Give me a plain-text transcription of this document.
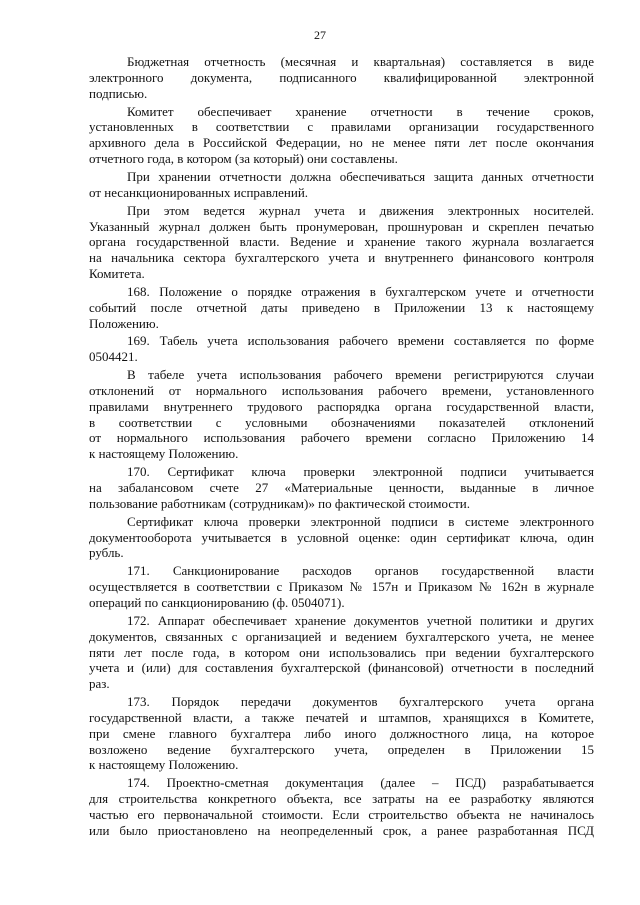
27
Бюджетная отчетность (месячная и квартальная) составляется в виде
электронного документа, подписанного квалифицированной электронной
подписью.
Комитет обеспечивает хранение отчетности в течение сроков,
установленных в соответствии с правилами организации государственного
архивного дела в Российской Федерации, но не менее пяти лет после окончания
отчетного года, в котором (за который) они составлены.
При хранении отчетности должна обеспечиваться защита данных отчетности
от несанкционированных исправлений.
При этом ведется журнал учета и движения электронных носителей.
Указанный журнал должен быть пронумерован, прошнурован и скреплен печатью
органа государственной власти. Ведение и хранение такого журнала возлагается
на начальника сектора бухгалтерского учета и внутреннего финансового контроля
Комитета.
168. Положение о порядке отражения в бухгалтерском учете и отчетности
событий после отчетной даты приведено в Приложении 13 к настоящему
Положению.
169. Табель учета использования рабочего времени составляется по форме
0504421.
В табеле учета использования рабочего времени регистрируются случаи
отклонений от нормального использования рабочего времени, установленного
правилами внутреннего трудового распорядка органа государственной власти,
в соответствии с условными обозначениями показателей отклонений
от нормального использования рабочего времени согласно Приложению 14
к настоящему Положению.
170. Сертификат ключа проверки электронной подписи учитывается
на забалансовом счете 27 «Материальные ценности, выданные в личное
пользование работникам (сотрудникам)» по фактической стоимости.
Сертификат ключа проверки электронной подписи в системе электронного
документооборота учитывается в условной оценке: один сертификат ключа, один
рубль.
171. Санкционирование расходов органов государственной власти
осуществляется в соответствии с Приказом № 157н и Приказом № 162н в журнале
операций по санкционированию (ф. 0504071).
172. Аппарат обеспечивает хранение документов учетной политики и других
документов, связанных с организацией и ведением бухгалтерского учета, не менее
пяти лет после года, в котором они использовались при ведении бухгалтерского
учета и (или) для составления бухгалтерской (финансовой) отчетности в последний
раз.
173. Порядок передачи документов бухгалтерского учета органа
государственной власти, а также печатей и штампов, хранящихся в Комитете,
при смене главного бухгалтера либо иного должностного лица, на которое
возложено ведение бухгалтерского учета, определен в Приложении 15
к настоящему Положению.
174. Проектно-сметная документация (далее – ПСД) разрабатывается
для строительства конкретного объекта, все затраты на ее разработку являются
частью его первоначальной стоимости. Если строительство объекта не начиналось
или было приостановлено на неопределенный срок, а ранее разработанная ПСД
